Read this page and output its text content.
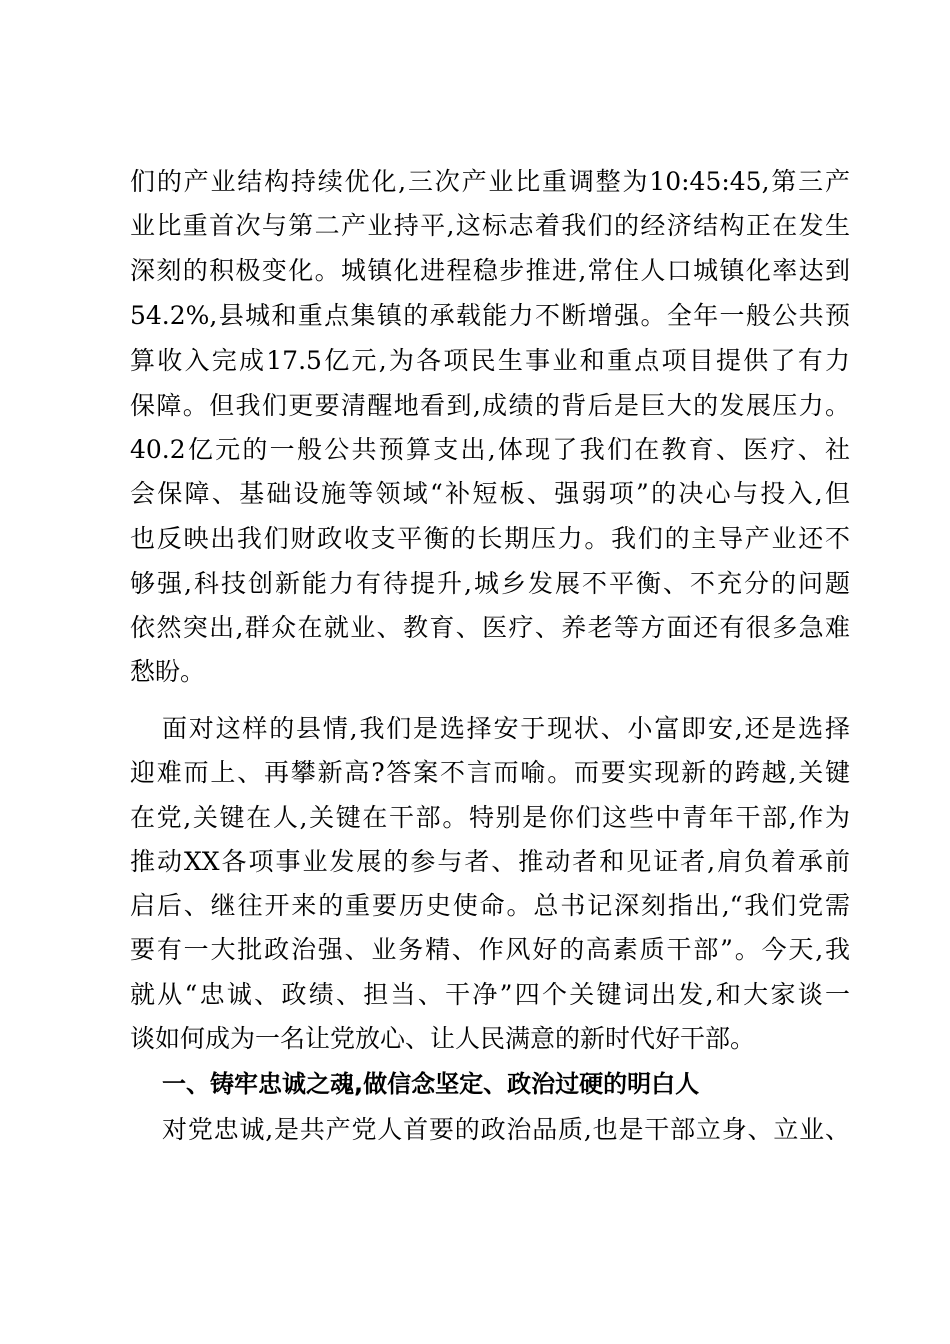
们的产业结构持续优化,三次产业比重调整为10:45:45,第三产
业比重首次与第二产业持平,这标志着我们的经济结构正在发生
深刻的积极变化。城镇化进程稳步推进,常住人口城镇化率达到
54.2%,县城和重点集镇的承载能力不断增强。全年一般公共预
算收入完成17.5亿元,为各项民生事业和重点项目提供了有力
保障。但我们更要清醒地看到,成绩的背后是巨大的发展压力。
40.2亿元的一般公共预算支出,体现了我们在教育、医疗、社
会保障、基础设施等领域“补短板、强弱项”的决心与投入,但
也反映出我们财政收支平衡的长期压力。我们的主导产业还不
够强,科技创新能力有待提升,城乡发展不平衡、不充分的问题
依然突出,群众在就业、教育、医疗、养老等方面还有很多急难
愁盼。
面对这样的县情,我们是选择安于现状、小富即安,还是选择
迎难而上、再攀新高?答案不言而喻。而要实现新的跨越,关键
在党,关键在人,关键在干部。特别是你们这些中青年干部,作为
推动XX各项事业发展的参与者、推动者和见证者,肩负着承前
启后、继往开来的重要历史使命。总书记深刻指出,“我们党需
要有一大批政治强、业务精、作风好的高素质干部”。今天,我
就从“忠诚、政绩、担当、干净”四个关键词出发,和大家谈一
谈如何成为一名让党放心、让人民满意的新时代好干部。
一、铸牢忠诚之魂,做信念坚定、政治过硬的明白人
对党忠诚,是共产党人首要的政治品质,也是干部立身、立业、
